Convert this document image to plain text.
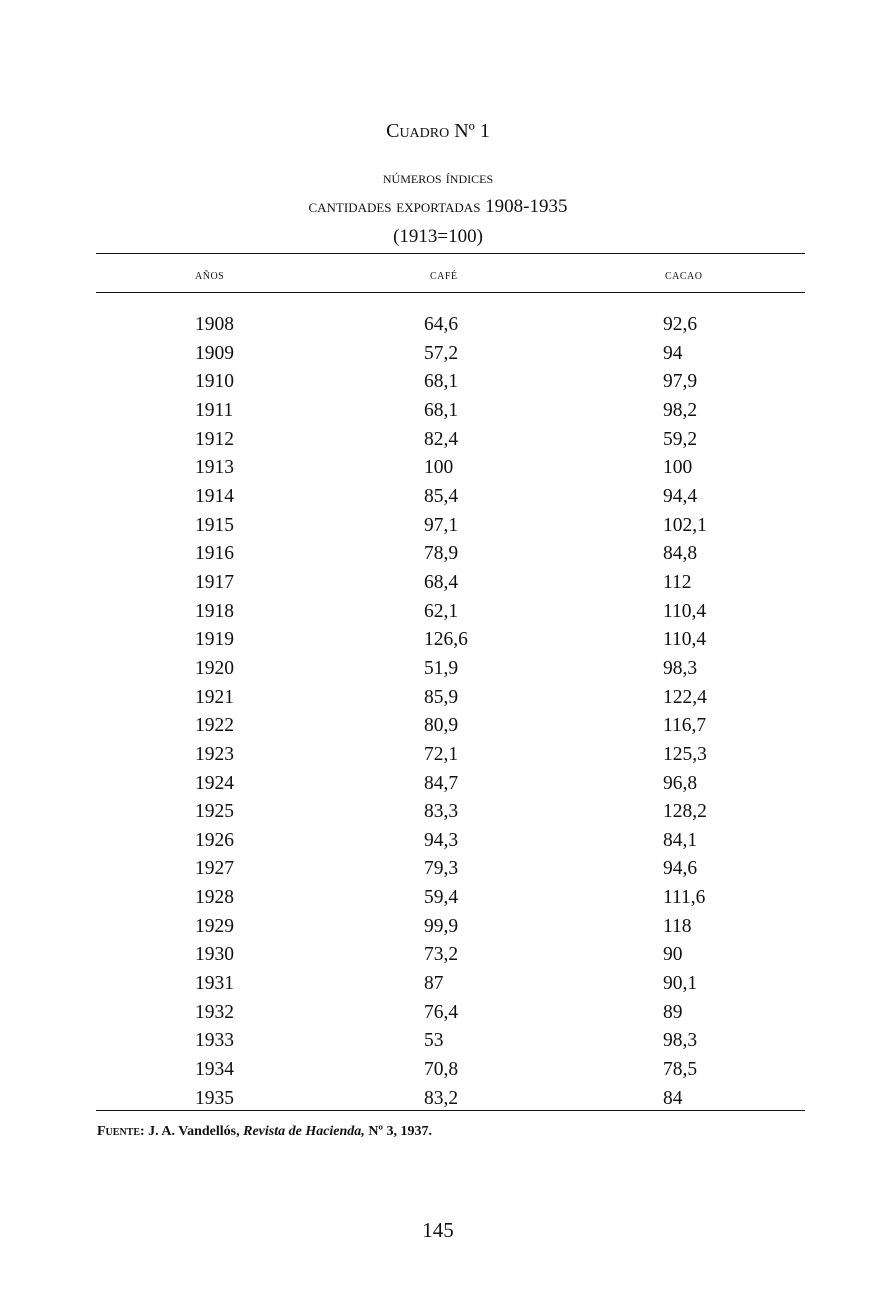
Cuadro Nº 1
números índices
cantidades exportadas 1908-1935
(1913=100)
años	café	cacao
1908	64,6	92,6
1909	57,2	94
1910	68,1	97,9
1911	68,1	98,2
1912	82,4	59,2
1913	100	100
1914	85,4	94,4
1915	97,1	102,1
1916	78,9	84,8
1917	68,4	112
1918	62,1	110,4
1919	126,6	110,4
1920	51,9	98,3
1921	85,9	122,4
1922	80,9	116,7
1923	72,1	125,3
1924	84,7	96,8
1925	83,3	128,2
1926	94,3	84,1
1927	79,3	94,6
1928	59,4	111,6
1929	99,9	118
1930	73,2	90
1931	87	90,1
1932	76,4	89
1933	53	98,3
1934	70,8	78,5
1935	83,2	84
Fuente: J. A. Vandellós, Revista de Hacienda, Nº 3, 1937.
145
